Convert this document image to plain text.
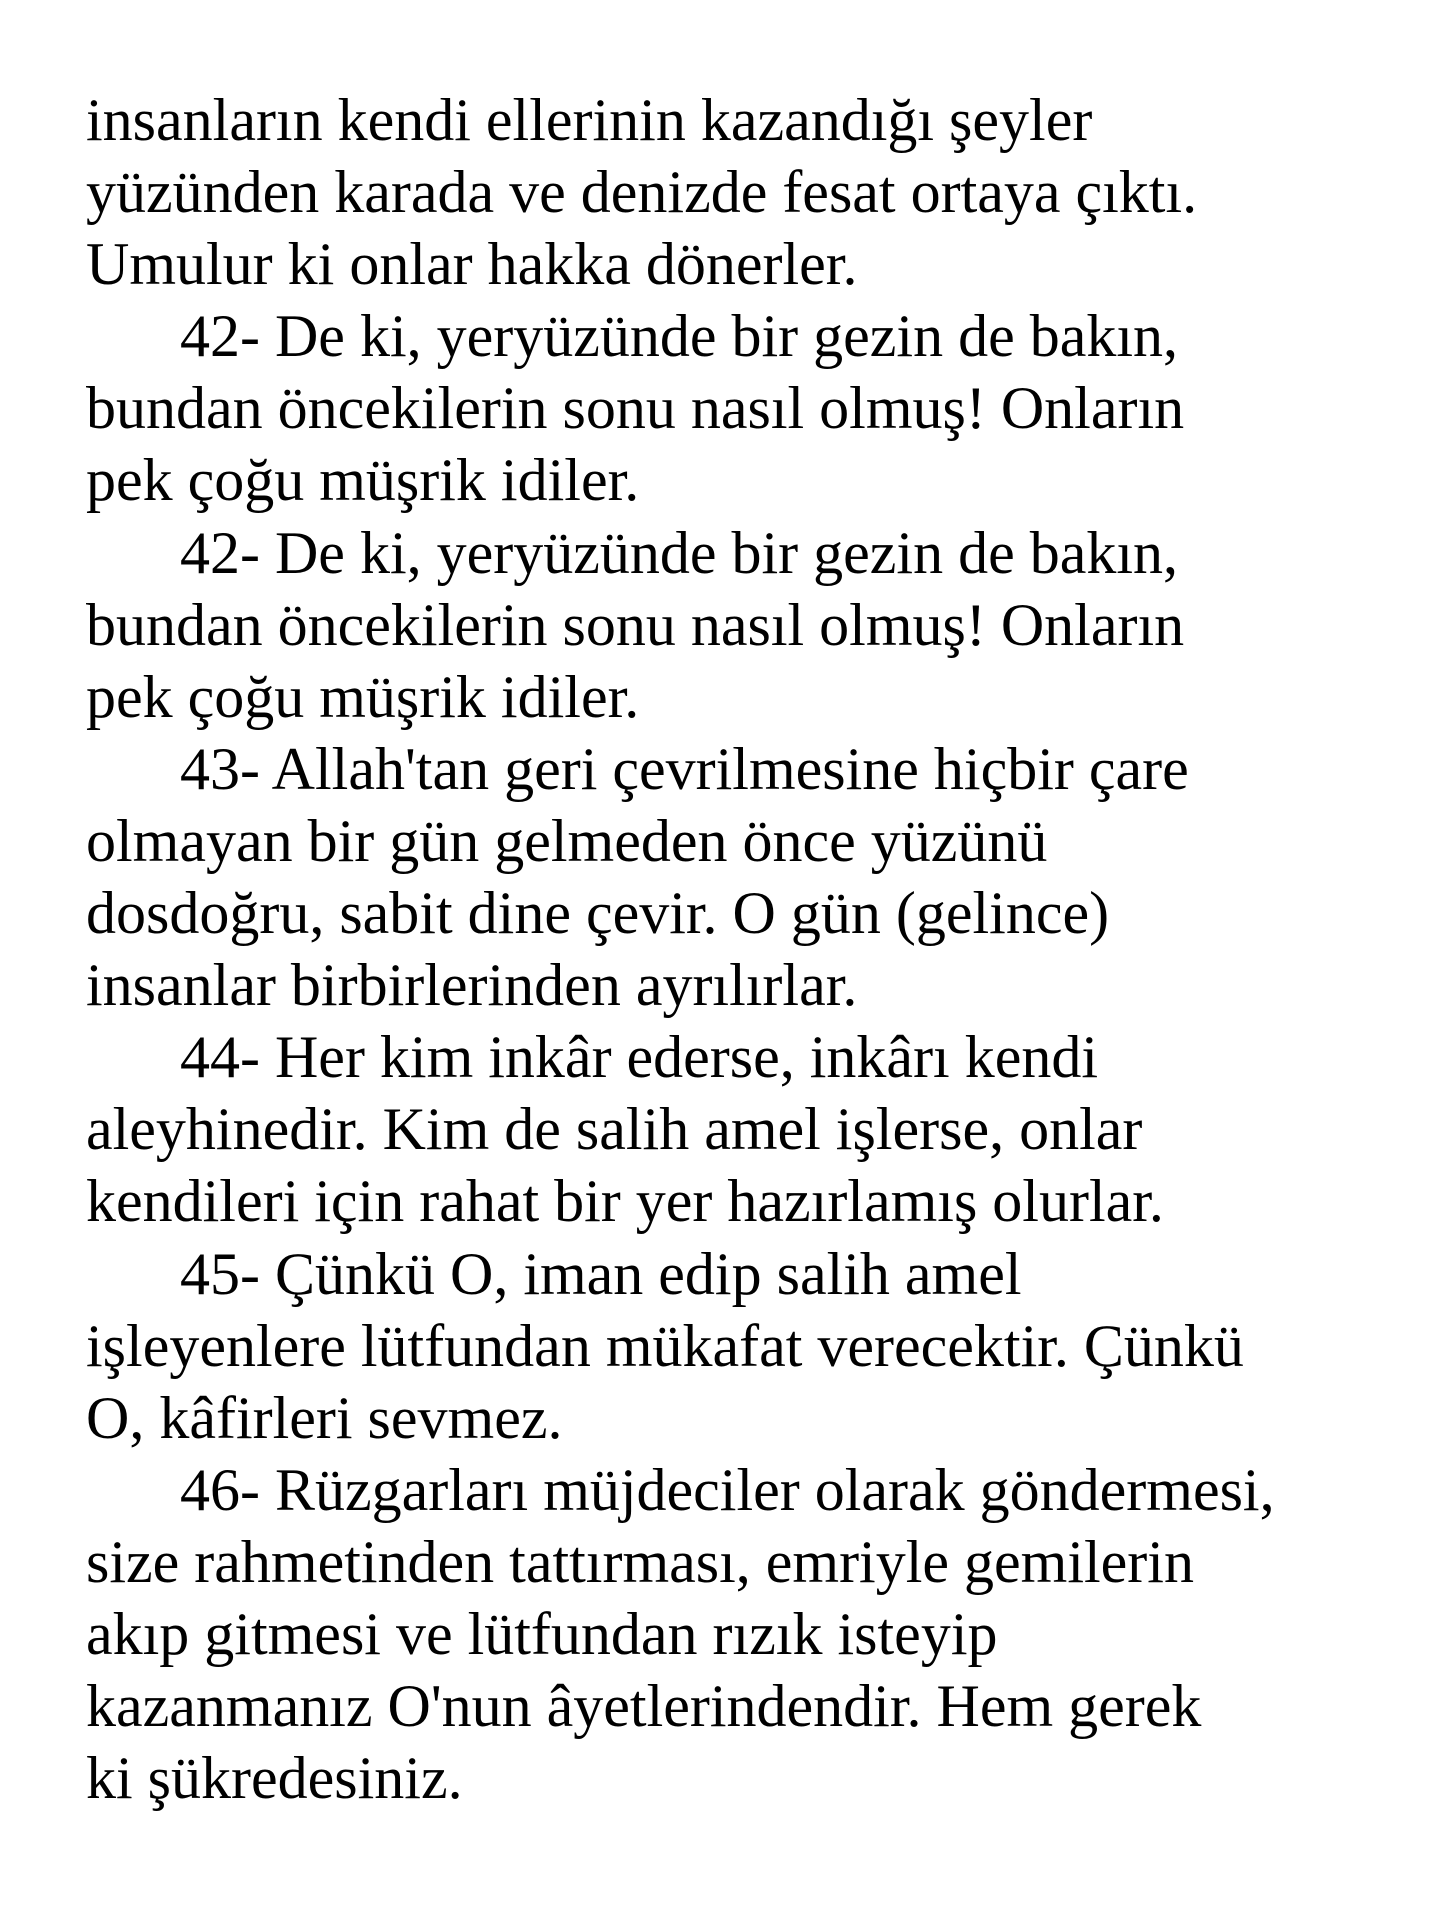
insanların kendi ellerinin kazandığı şeyler
yüzünden karada ve denizde fesat ortaya çıktı.
Umulur ki onlar hakka dönerler.
42- De ki, yeryüzünde bir gezin de bakın,
bundan öncekilerin sonu nasıl olmuş! Onların
pek çoğu müşrik idiler.
42- De ki, yeryüzünde bir gezin de bakın,
bundan öncekilerin sonu nasıl olmuş! Onların
pek çoğu müşrik idiler.
43- Allah'tan geri çevrilmesine hiçbir çare
olmayan bir gün gelmeden önce yüzünü
dosdoğru, sabit dine çevir. O gün (gelince)
insanlar birbirlerinden ayrılırlar.
44- Her kim inkâr ederse, inkârı kendi
aleyhinedir. Kim de salih amel işlerse, onlar
kendileri için rahat bir yer hazırlamış olurlar.
45- Çünkü O, iman edip salih amel
işleyenlere lütfundan mükafat verecektir. Çünkü
O, kâfirleri sevmez.
46- Rüzgarları müjdeciler olarak göndermesi,
size rahmetinden tattırması, emriyle gemilerin
akıp gitmesi ve lütfundan rızık isteyip
kazanmanız O'nun âyetlerindendir. Hem gerek
ki şükredesiniz.
